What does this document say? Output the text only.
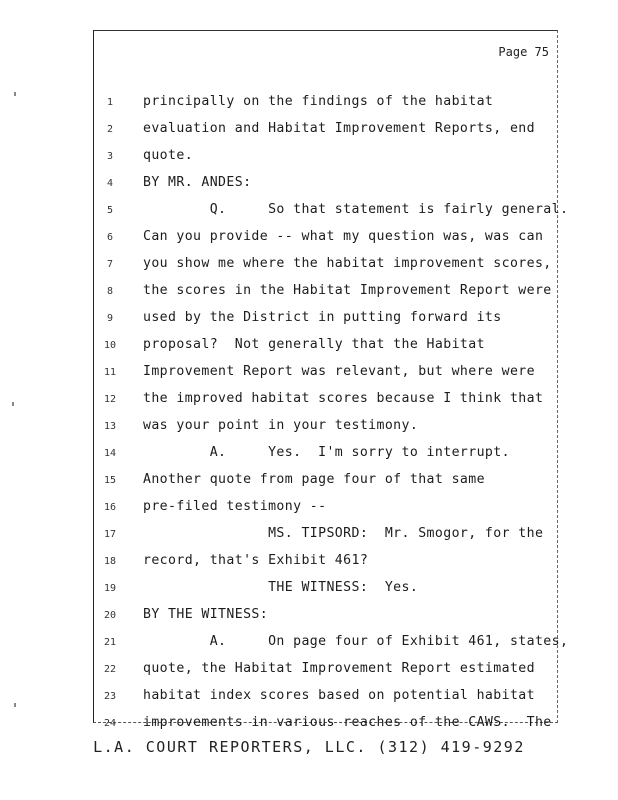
Page 75
1	principally on the findings of the habitat
2	evaluation and Habitat Improvement Reports, end
3	quote.
4	BY MR. ANDES:
5	Q.     So that statement is fairly general.
6	Can you provide -- what my question was, was can
7	you show me where the habitat improvement scores,
8	the scores in the Habitat Improvement Report were
9	used by the District in putting forward its
10	proposal?  Not generally that the Habitat
11	Improvement Report was relevant, but where were
12	the improved habitat scores because I think that
13	was your point in your testimony.
14	A.     Yes.  I'm sorry to interrupt.
15	Another quote from page four of that same
16	pre-filed testimony --
17	MS. TIPSORD:  Mr. Smogor, for the
18	record, that's Exhibit 461?
19	THE WITNESS:  Yes.
20	BY THE WITNESS:
21	A.     On page four of Exhibit 461, states,
22	quote, the Habitat Improvement Report estimated
23	habitat index scores based on potential habitat
24	improvements in various reaches of the CAWS.  The
L.A. COURT REPORTERS, LLC. (312) 419-9292
